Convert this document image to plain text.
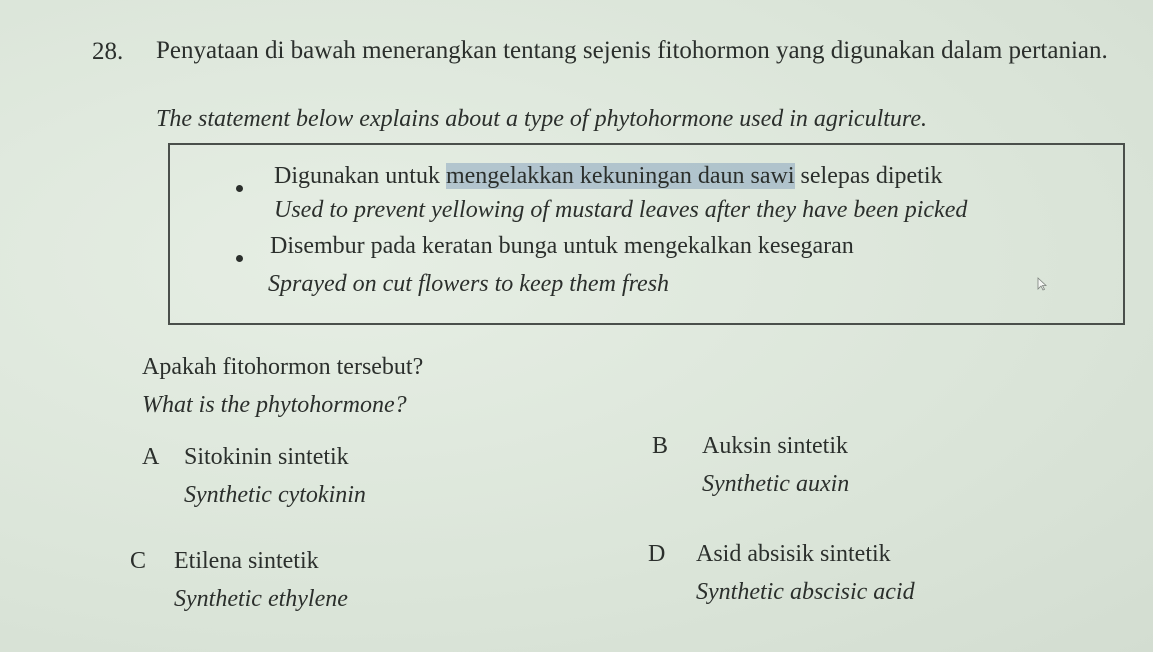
28. Penyataan di bawah menerangkan tentang sejenis fitohormon yang digunakan dalam pertanian.
The statement below explains about a type of phytohormone used in agriculture.
Digunakan untuk mengelakkan kekuningan daun sawi selepas dipetik
Used to prevent yellowing of mustard leaves after they have been picked
Disembur pada keratan bunga untuk mengekalkan kesegaran
Sprayed on cut flowers to keep them fresh
Apakah fitohormon tersebut?
What is the phytohormone?
A Sitokinin sintetik
Synthetic cytokinin
B Auksin sintetik
Synthetic auxin
C Etilena sintetik
Synthetic ethylene
D Asid absisik sintetik
Synthetic abscisic acid
